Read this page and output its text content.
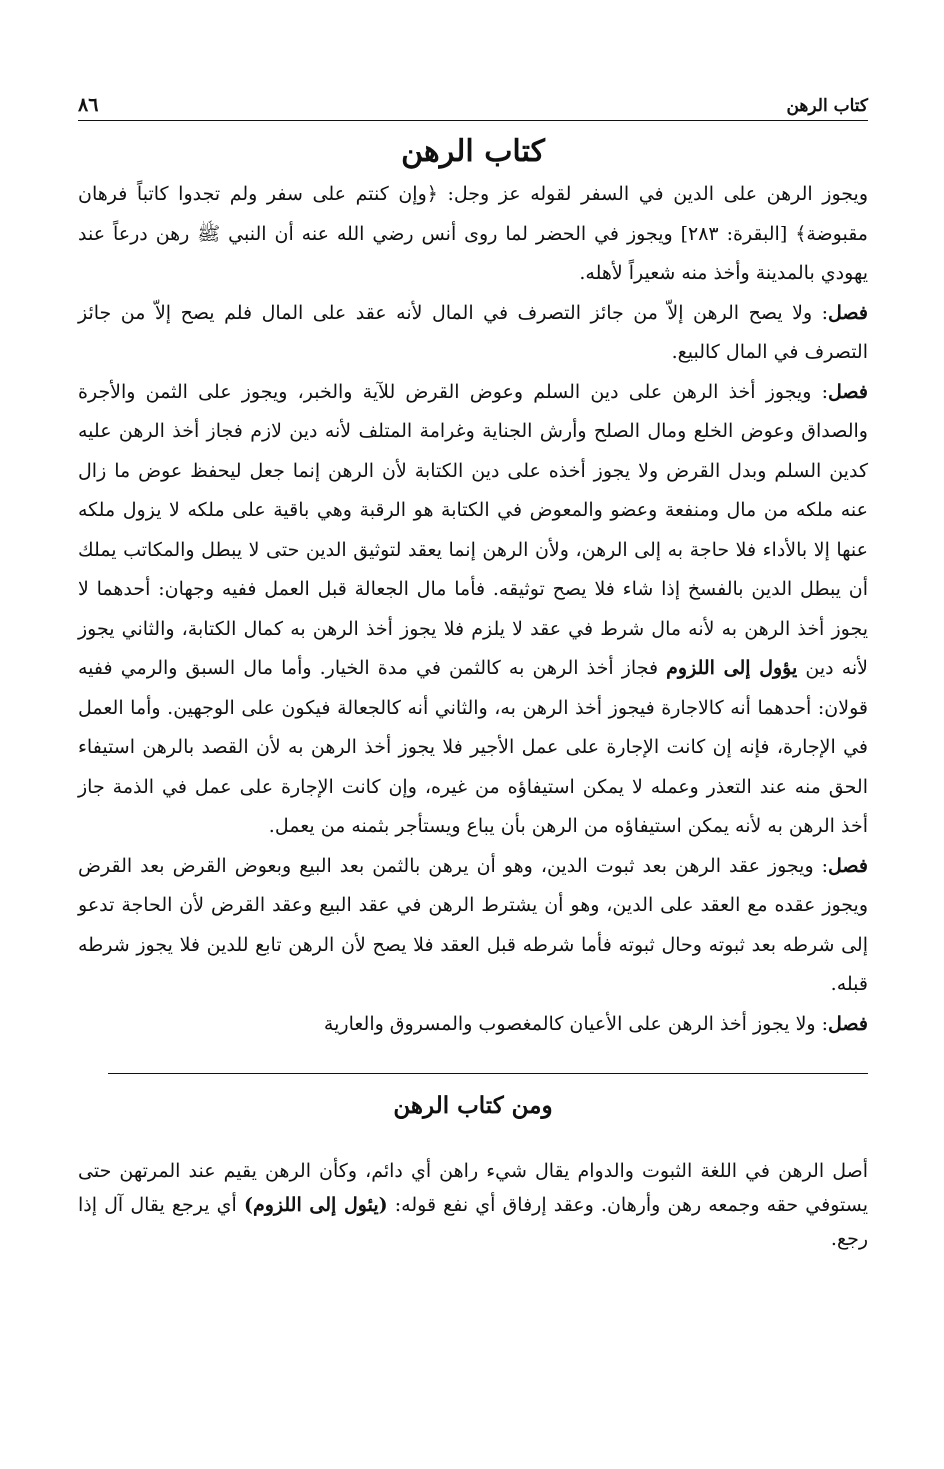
كتاب الرهن
٨٦
كتاب الرهن

ويجوز الرهن على الدين في السفر لقوله عز وجل: ﴿وإن كنتم على سفر ولم تجدوا كاتباً فرهان مقبوضة﴾ [البقرة: ٢٨٣] ويجوز في الحضر لما روى أنس رضي الله عنه أن النبي ﷺ رهن درعاً عند يهودي بالمدينة وأخذ منه شعيراً لأهله.

فصل: ولا يصح الرهن إلاّ من جائز التصرف في المال لأنه عقد على المال فلم يصح إلاّ من جائز التصرف في المال كالبيع.

فصل: ويجوز أخذ الرهن على دين السلم وعوض القرض للآية والخبر، ويجوز على الثمن والأجرة والصداق وعوض الخلع ومال الصلح وأرش الجناية وغرامة المتلف لأنه دين لازم فجاز أخذ الرهن عليه كدين السلم وبدل القرض ولا يجوز أخذه على دين الكتابة لأن الرهن إنما جعل ليحفظ عوض ما زال عنه ملكه من مال ومنفعة وعضو والمعوض في الكتابة هو الرقبة وهي باقية على ملكه لا يزول ملكه عنها إلا بالأداء فلا حاجة به إلى الرهن، ولأن الرهن إنما يعقد لتوثيق الدين حتى لا يبطل والمكاتب يملك أن يبطل الدين بالفسخ إذا شاء فلا يصح توثيقه. فأما مال الجعالة قبل العمل ففيه وجهان: أحدهما لا يجوز أخذ الرهن به لأنه مال شرط في عقد لا يلزم فلا يجوز أخذ الرهن به كمال الكتابة، والثاني يجوز لأنه دين يؤول إلى اللزوم فجاز أخذ الرهن به كالثمن في مدة الخيار. وأما مال السبق والرمي ففيه قولان: أحدهما أنه كالاجارة فيجوز أخذ الرهن به، والثاني أنه كالجعالة فيكون على الوجهين. وأما العمل في الإجارة، فإنه إن كانت الإجارة على عمل الأجير فلا يجوز أخذ الرهن به لأن القصد بالرهن استيفاء الحق منه عند التعذر وعمله لا يمكن استيفاؤه من غيره، وإن كانت الإجارة على عمل في الذمة جاز أخذ الرهن به لأنه يمكن استيفاؤه من الرهن بأن يباع ويستأجر بثمنه من يعمل.

فصل: ويجوز عقد الرهن بعد ثبوت الدين، وهو أن يرهن بالثمن بعد البيع وبعوض القرض بعد القرض ويجوز عقده مع العقد على الدين، وهو أن يشترط الرهن في عقد البيع وعقد القرض لأن الحاجة تدعو إلى شرطه بعد ثبوته وحال ثبوته فأما شرطه قبل العقد فلا يصح لأن الرهن تابع للدين فلا يجوز شرطه قبله.

فصل: ولا يجوز أخذ الرهن على الأعيان كالمغصوب والمسروق والعارية

ومن كتاب الرهن

أصل الرهن في اللغة الثبوت والدوام يقال شيء راهن أي دائم، وكأن الرهن يقيم عند المرتهن حتى يستوفي حقه وجمعه رهن وأرهان. وعقد إرفاق أي نفع قوله: (يئول إلى اللزوم) أي يرجع يقال آل إذا رجع.
